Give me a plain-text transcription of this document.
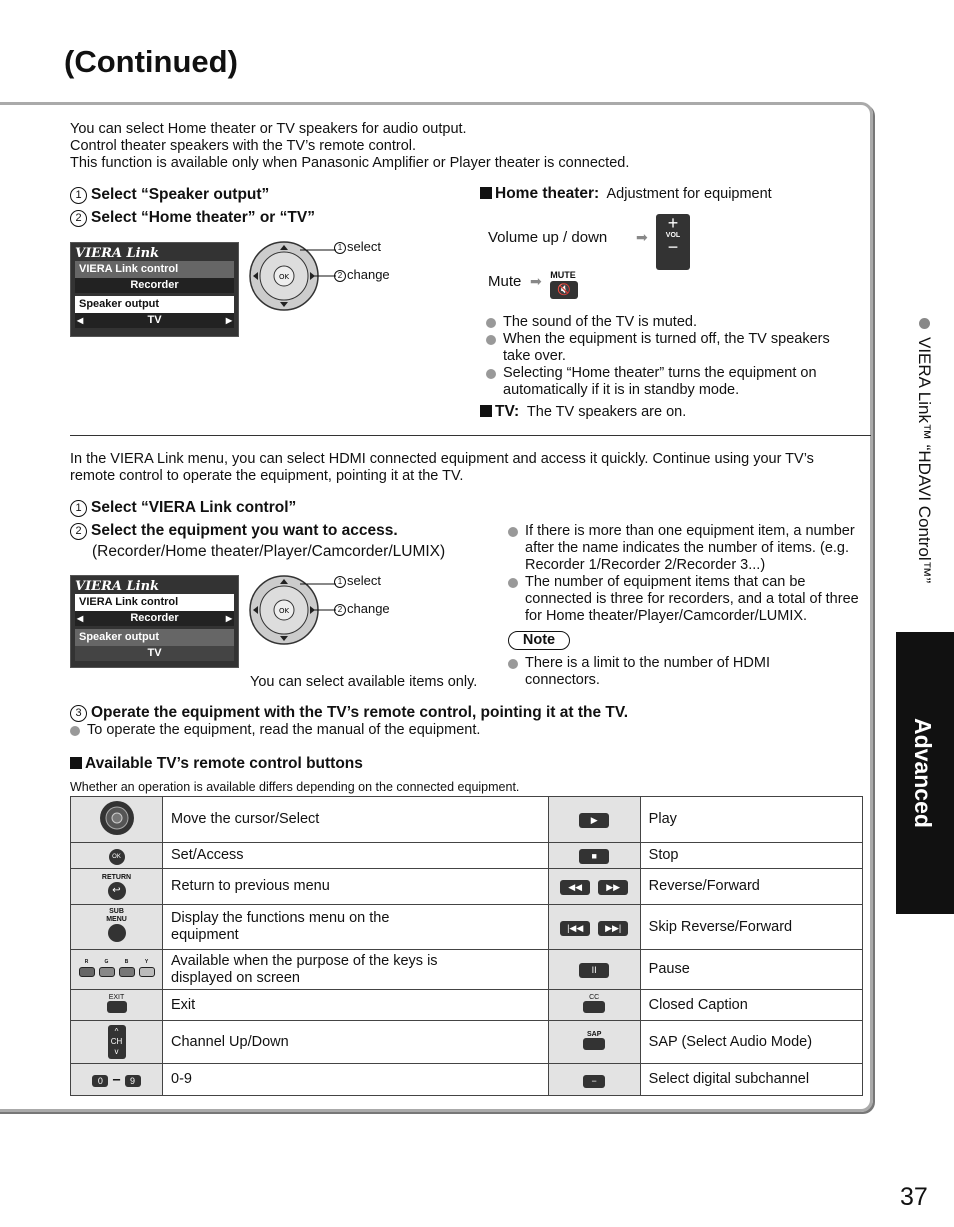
(Continued)
You can select Home theater or TV speakers for audio output.
Control theater speakers with the TV’s remote control.
This function is available only when Panasonic Amplifier or Player theater is connected.
1 Select “Speaker output”
2 Select “Home theater” or “TV”
VIERA Link
VIERA Link control
Recorder
Speaker output
◀	TV	▶
OK
1 select
2 change
Home theater: Adjustment for equipment
Volume up / down ➡
+
VOL
−
Mute ➡ MUTE
🔇
The sound of the TV is muted.
When the equipment is turned off, the TV speakers take over.
Selecting “Home theater” turns the equipment on automatically if it is in standby mode.
TV: The TV speakers are on.
In the VIERA Link menu, you can select HDMI connected equipment and access it quickly. Continue using your TV’s remote control to operate the equipment, pointing it at the TV.
1 Select “VIERA Link control”
2 Select the equipment you want to access.
(Recorder/Home theater/Player/Camcorder/LUMIX)
VIERA Link
VIERA Link control
◀	Recorder	▶
Speaker output
TV
OK
1 select
2 change
You can select available items only.
If there is more than one equipment item, a number after the name indicates the number of items. (e.g. Recorder 1/Recorder 2/Recorder 3...)
The number of equipment items that can be connected is three for recorders, and a total of three for Home theater/Player/Camcorder/LUMIX.
Note
There is a limit to the number of HDMI connectors.
3 Operate the equipment with the TV’s remote control, pointing it at the TV.
To operate the equipment, read the manual of the equipment.
Available TV’s remote control buttons
Whether an operation is available differs depending on the connected equipment.
	Move the cursor/Select	▶	Play
OK	Set/Access	■	Stop

RETURN
↩	Return to previous menu	◀◀ ▶▶	Reverse/Forward

SUB MENU	Display the functions menu on the equipment	|◀◀ ▶▶|	Skip Reverse/Forward

R G B Y	Available when the purpose of the keys is displayed on screen	II	Pause

EXIT	Exit	CC	Closed Caption
^
CH
v	Channel Up/Down	SAP	SAP (Select Audio Mode)
0 – 9	0-9	−	Select digital subchannel
VIERA Link™ “HDAVI Control™”
Advanced
37
